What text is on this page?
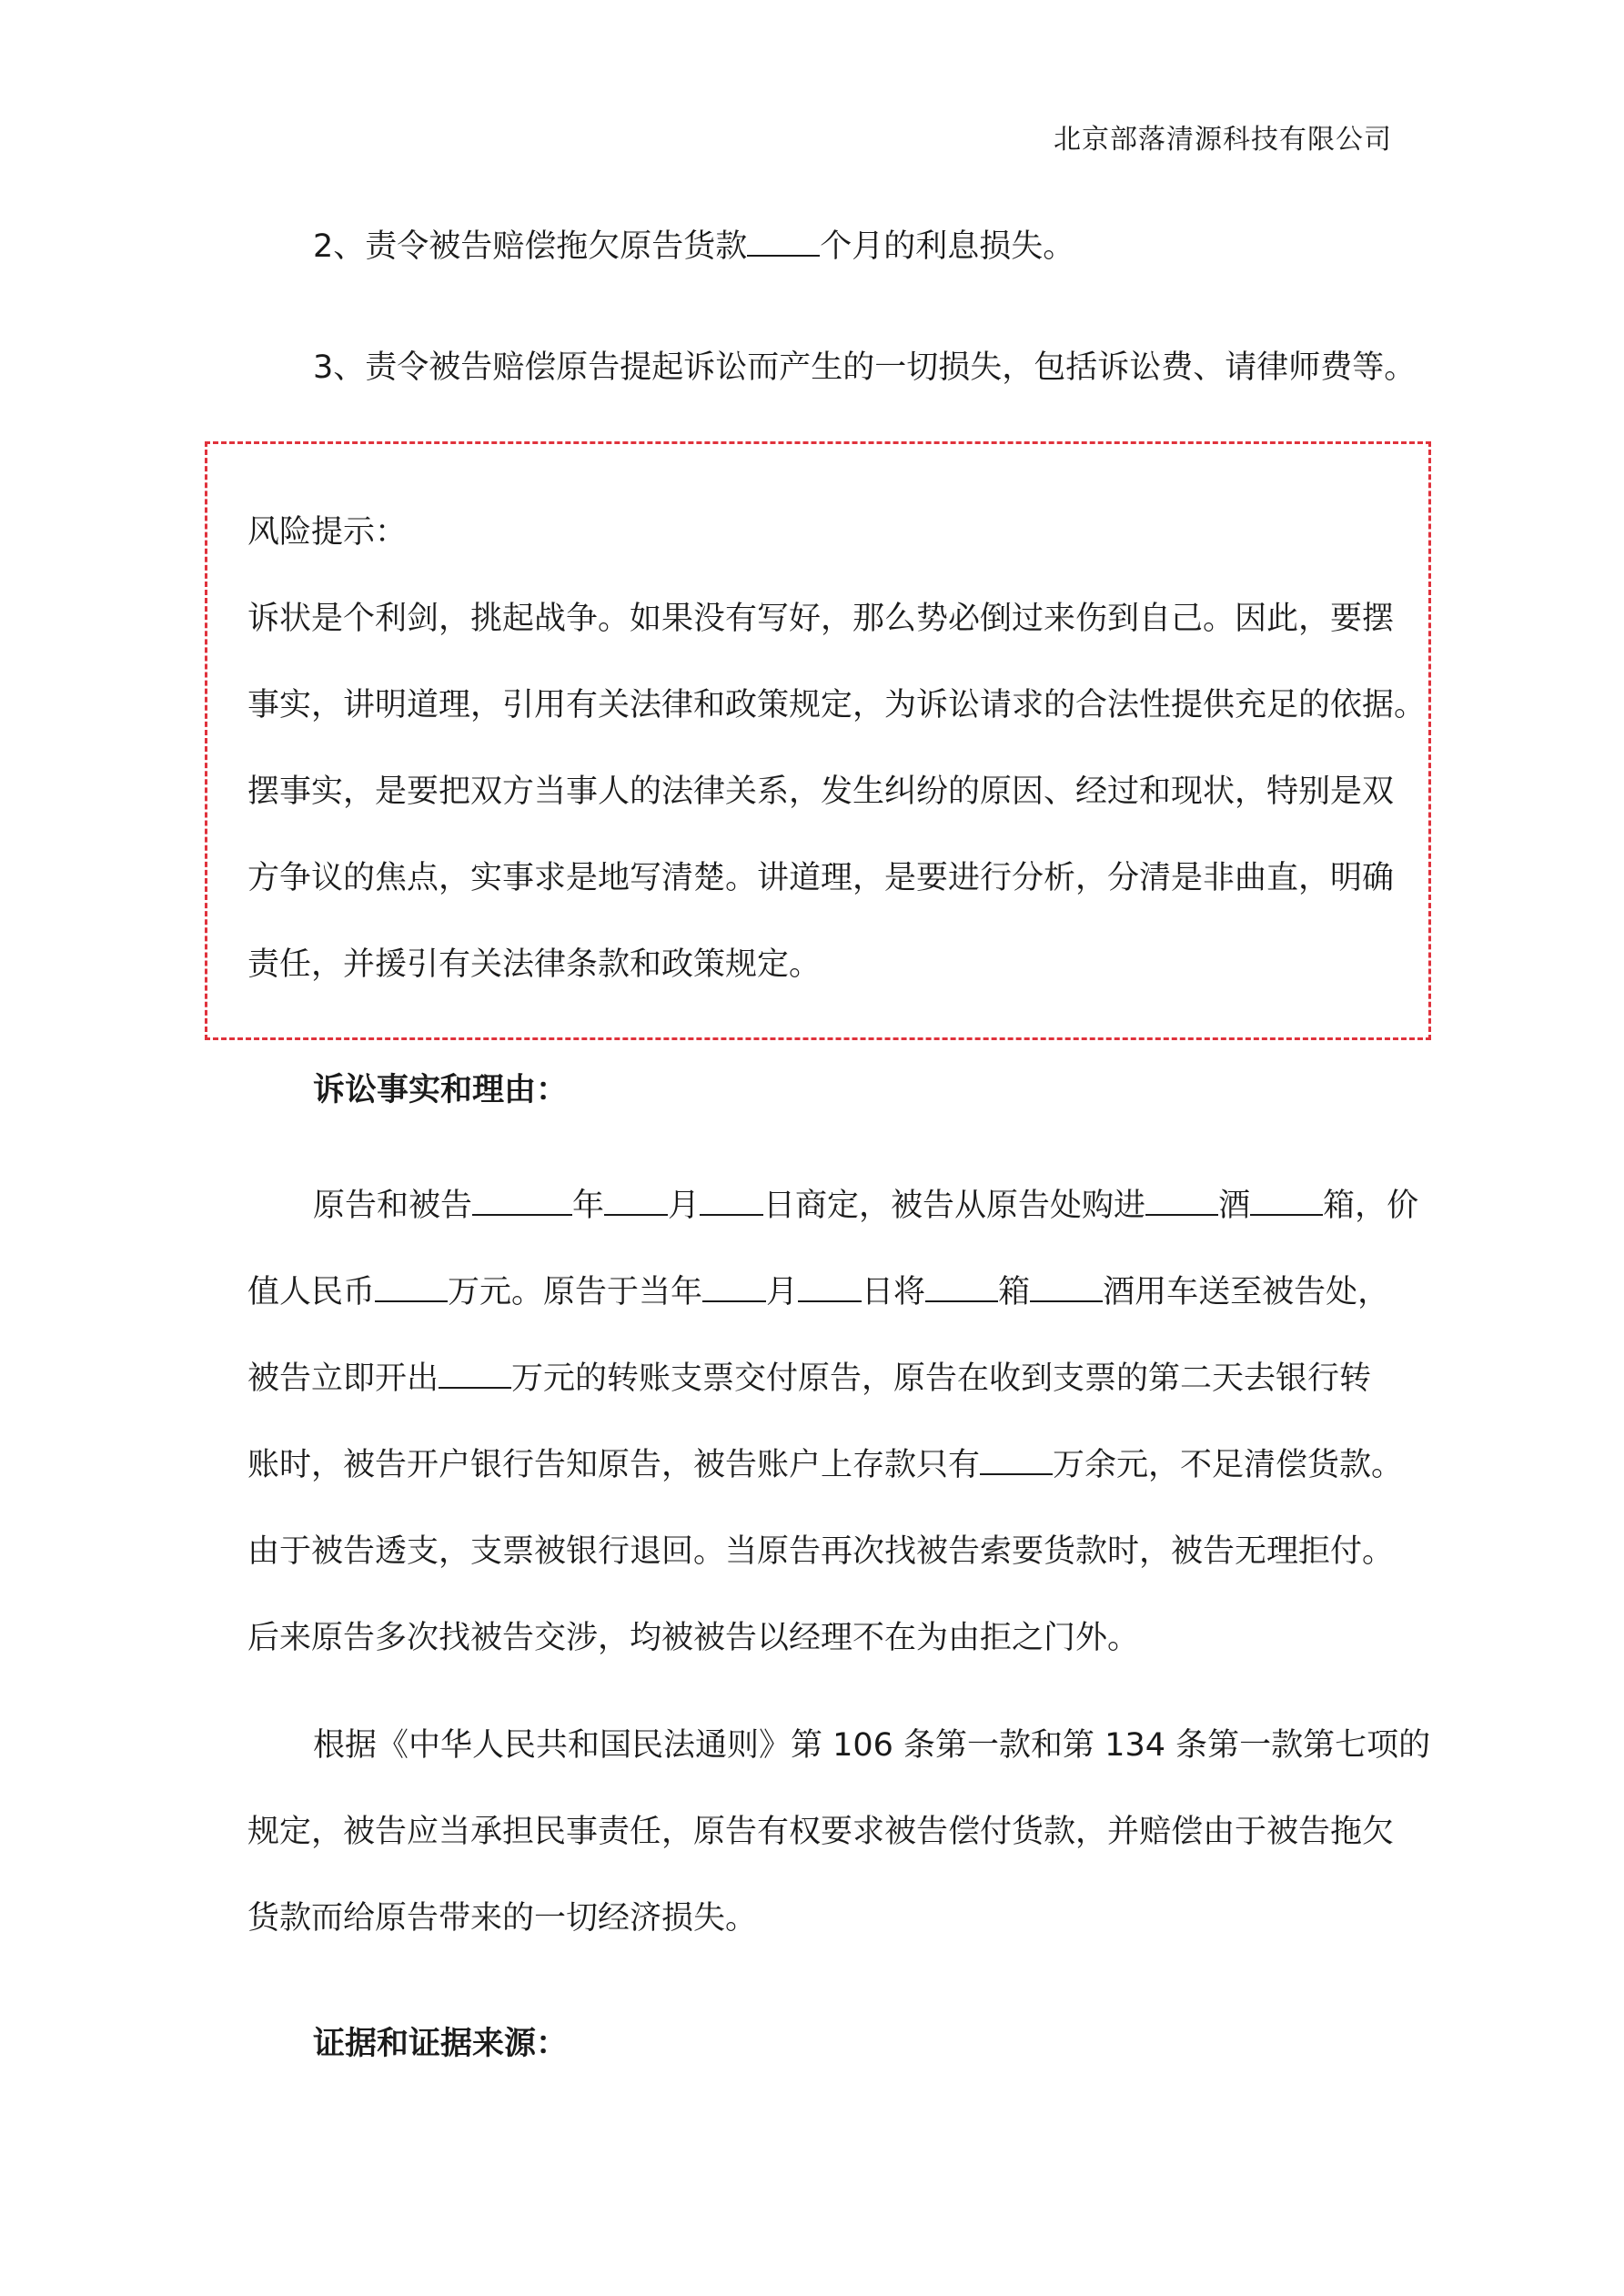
北京部落清源科技有限公司
2、责令被告赔偿拖欠原告货款 个月的利息损失。
3、责令被告赔偿原告提起诉讼而产生的一切损失，包括诉讼费、请律师费等。
风险提示：
诉状是个利剑，挑起战争。如果没有写好，那么势必倒过来伤到自己。因此，要摆
事实，讲明道理，引用有关法律和政策规定，为诉讼请求的合法性提供充足的依据。
摆事实，是要把双方当事人的法律关系，发生纠纷的原因、经过和现状，特别是双
方争议的焦点，实事求是地写清楚。讲道理，是要进行分析，分清是非曲直，明确
责任，并援引有关法律条款和政策规定。
诉讼事实和理由：
原告和被告	年 月 日商定，被告从原告处购进 酒 箱，价
值人民币 万元。原告于当年 月 日将 箱 酒用车送至被告处，
被告立即开出 万元的转账支票交付原告，原告在收到支票的第二天去银行转
账时，被告开户银行告知原告，被告账户上存款只有 万余元，不足清偿货款。
由于被告透支，支票被银行退回。当原告再次找被告索要货款时，被告无理拒付。
后来原告多次找被告交涉，均被被告以经理不在为由拒之门外。
根据《中华人民共和国民法通则》第 106 条第一款和第 134 条第一款第七项的
规定，被告应当承担民事责任，原告有权要求被告偿付货款，并赔偿由于被告拖欠
货款而给原告带来的一切经济损失。
证据和证据来源：
